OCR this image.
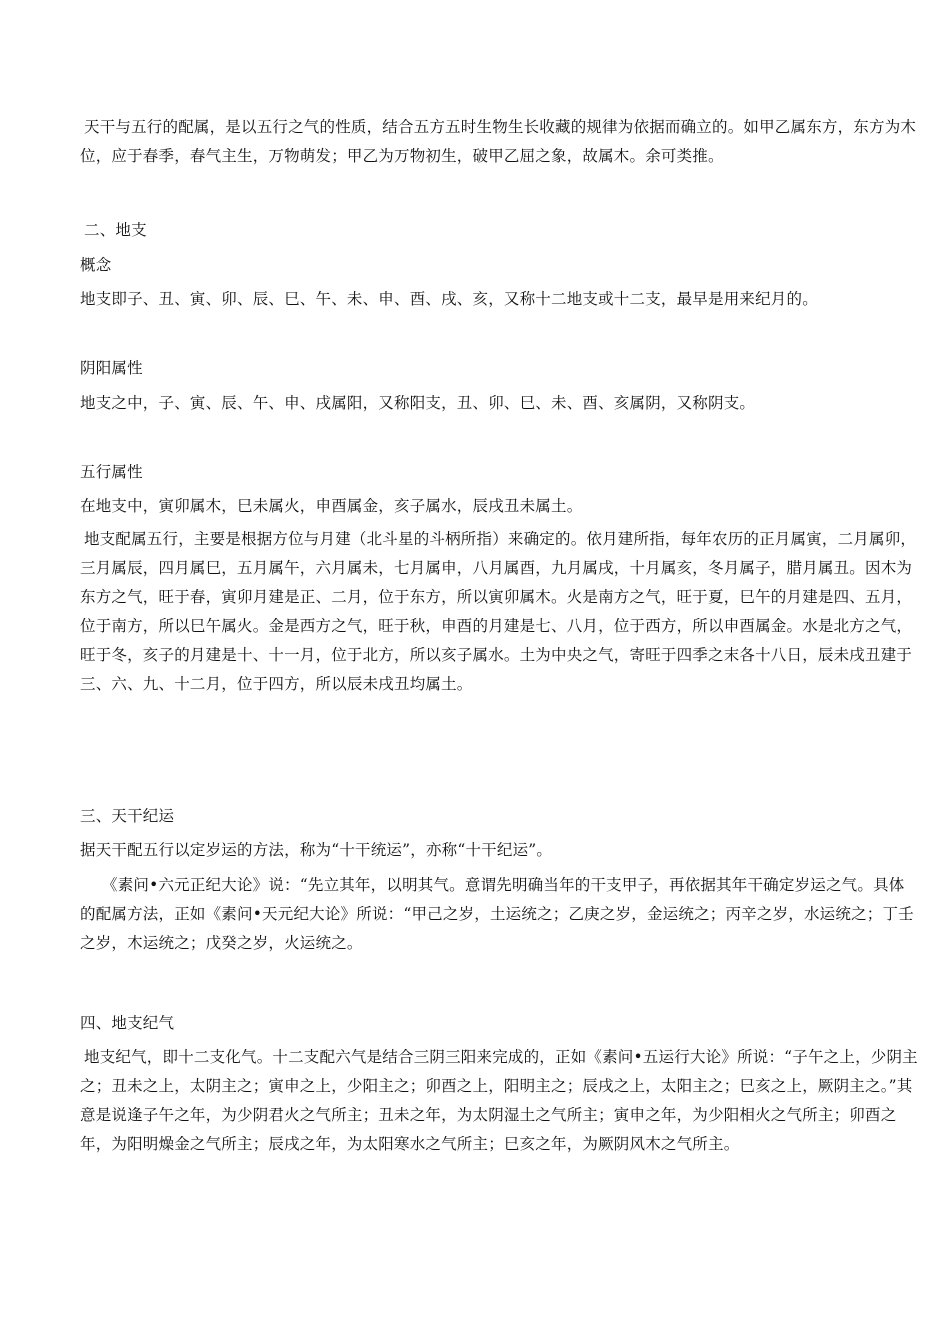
天干与五行的配属，是以五行之气的性质，结合五方五时生物生长收藏的规律为依据而确立的。如甲乙属东方，东方为木位，应于春季，春气主生，万物萌发；甲乙为万物初生，破甲乙屈之象，故属木。余可类推。

二、地支

概念

地支即子、丑、寅、卯、辰、巳、午、未、申、酉、戌、亥，又称十二地支或十二支，最早是用来纪月的。

阴阳属性

地支之中，子、寅、辰、午、申、戌属阳，又称阳支，丑、卯、巳、未、酉、亥属阴，又称阴支。

五行属性

在地支中，寅卯属木，巳未属火，申酉属金，亥子属水，辰戌丑未属土。

地支配属五行，主要是根据方位与月建（北斗星的斗柄所指）来确定的。依月建所指，每年农历的正月属寅，二月属卯，三月属辰，四月属巳，五月属午，六月属未，七月属申，八月属酉，九月属戌，十月属亥，冬月属子，腊月属丑。因木为东方之气，旺于春，寅卯月建是正、二月，位于东方，所以寅卯属木。火是南方之气，旺于夏，巳午的月建是四、五月，位于南方，所以巳午属火。金是西方之气，旺于秋，申酉的月建是七、八月，位于西方，所以申酉属金。水是北方之气，旺于冬，亥子的月建是十、十一月，位于北方，所以亥子属水。土为中央之气，寄旺于四季之末各十八日，辰未戌丑建于三、六、九、十二月，位于四方，所以辰未戌丑均属土。

三、天干纪运

据天干配五行以定岁运的方法，称为“十干统运”，亦称“十干纪运”。

《素问•六元正纪大论》说：“先立其年，以明其气。意谓先明确当年的干支甲子，再依据其年干确定岁运之气。具体的配属方法，正如《素问•天元纪大论》所说：“甲己之岁，土运统之；乙庚之岁，金运统之；丙辛之岁，水运统之；丁壬之岁，木运统之；戊癸之岁，火运统之。

四、地支纪气

地支纪气，即十二支化气。十二支配六气是结合三阴三阳来完成的，正如《素问•五运行大论》所说：“子午之上，少阴主之；丑未之上，太阴主之；寅申之上，少阳主之；卯酉之上，阳明主之；辰戌之上，太阳主之；巳亥之上，厥阴主之。”其意是说逢子午之年，为少阴君火之气所主；丑未之年，为太阴湿土之气所主；寅申之年，为少阳相火之气所主；卯酉之年，为阳明燥金之气所主；辰戌之年，为太阳寒水之气所主；巳亥之年，为厥阴风木之气所主。
